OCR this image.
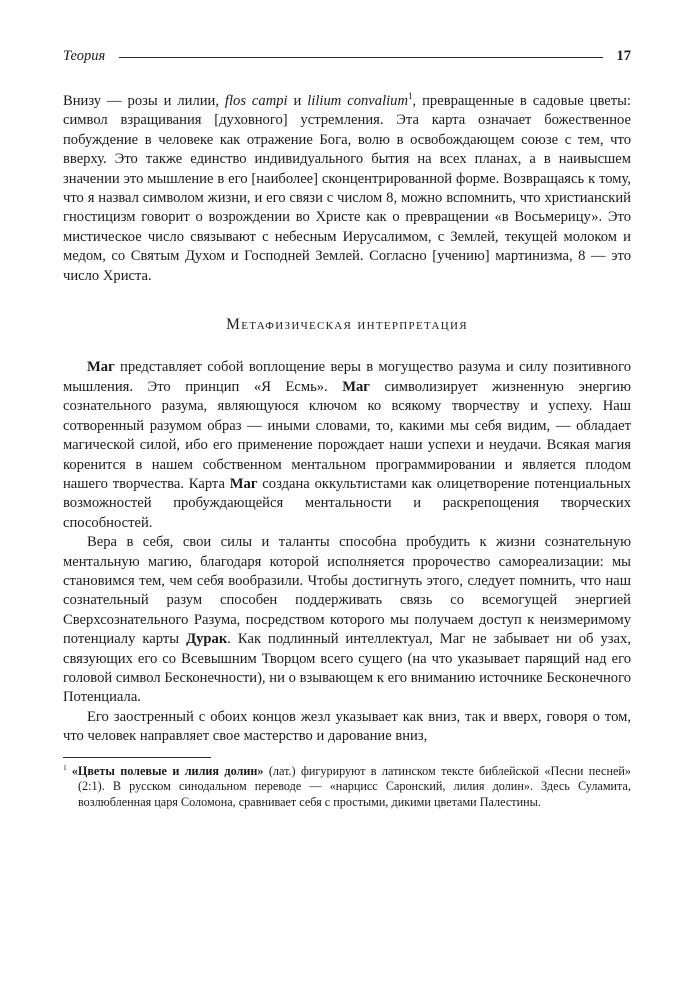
Теория	17

Внизу — розы и лилии, flos campi и lilium convalium$^1$, превращенные в садовые цветы: символ взращивания [духовного] устремления. Эта карта означает божественное побуждение в человеке как отражение Бога, волю в освобождающем союзе с тем, что вверху. Это также единство индивидуального бытия на всех планах, а в наивысшем значении это мышление в его [наиболее] сконцентрированной форме. Возвращаясь к тому, что я назвал символом жизни, и его связи с числом 8, можно вспомнить, что христианский гностицизм говорит о возрождении во Христе как о превращении «в Восьмерицу». Это мистическое число связывают с небесным Иерусалимом, с Землей, текущей молоком и медом, со Святым Духом и Господней Землей. Согласно [учению] мартинизма, 8 — это число Христа.

Метафизическая интерпретация

Маг представляет собой воплощение веры в могущество разума и силу позитивного мышления. Это принцип «Я Есмь». Маг символизирует жизненную энергию сознательного разума, являющуюся ключом ко всякому творчеству и успеху. Наш сотворенный разумом образ — иными словами, то, какими мы себя видим, — обладает магической силой, ибо его применение порождает наши успехи и неудачи. Всякая магия коренится в нашем собственном ментальном программировании и является плодом нашего творчества. Карта Маг создана оккультистами как олицетворение потенциальных возможностей пробуждающейся ментальности и раскрепощения творческих способностей.

Вера в себя, свои силы и таланты способна пробудить к жизни сознательную ментальную магию, благодаря которой исполняется пророчество самореализации: мы становимся тем, чем себя вообразили. Чтобы достигнуть этого, следует помнить, что наш сознательный разум способен поддерживать связь со всемогущей энергией Сверхсознательного Разума, посредством которого мы получаем доступ к неизмеримому потенциалу карты Дурак. Как подлинный интеллектуал, Маг не забывает ни об узах, связующих его со Всевышним Творцом всего сущего (на что указывает парящий над его головой символ Бесконечности), ни о взывающем к его вниманию источнике Бесконечного Потенциала.

Его заостренный с обоих концов жезл указывает как вниз, так и вверх, говоря о том, что человек направляет свое мастерство и дарование вниз,

$^1$ «Цветы полевые и лилия долин» (лат.) фигурируют в латинском тексте библейской «Песни песней» (2:1). В русском синодальном переводе — «нарцисс Саронский, лилия долин». Здесь Суламита, возлюбленная царя Соломона, сравнивает себя с простыми, дикими цветами Палестины.
